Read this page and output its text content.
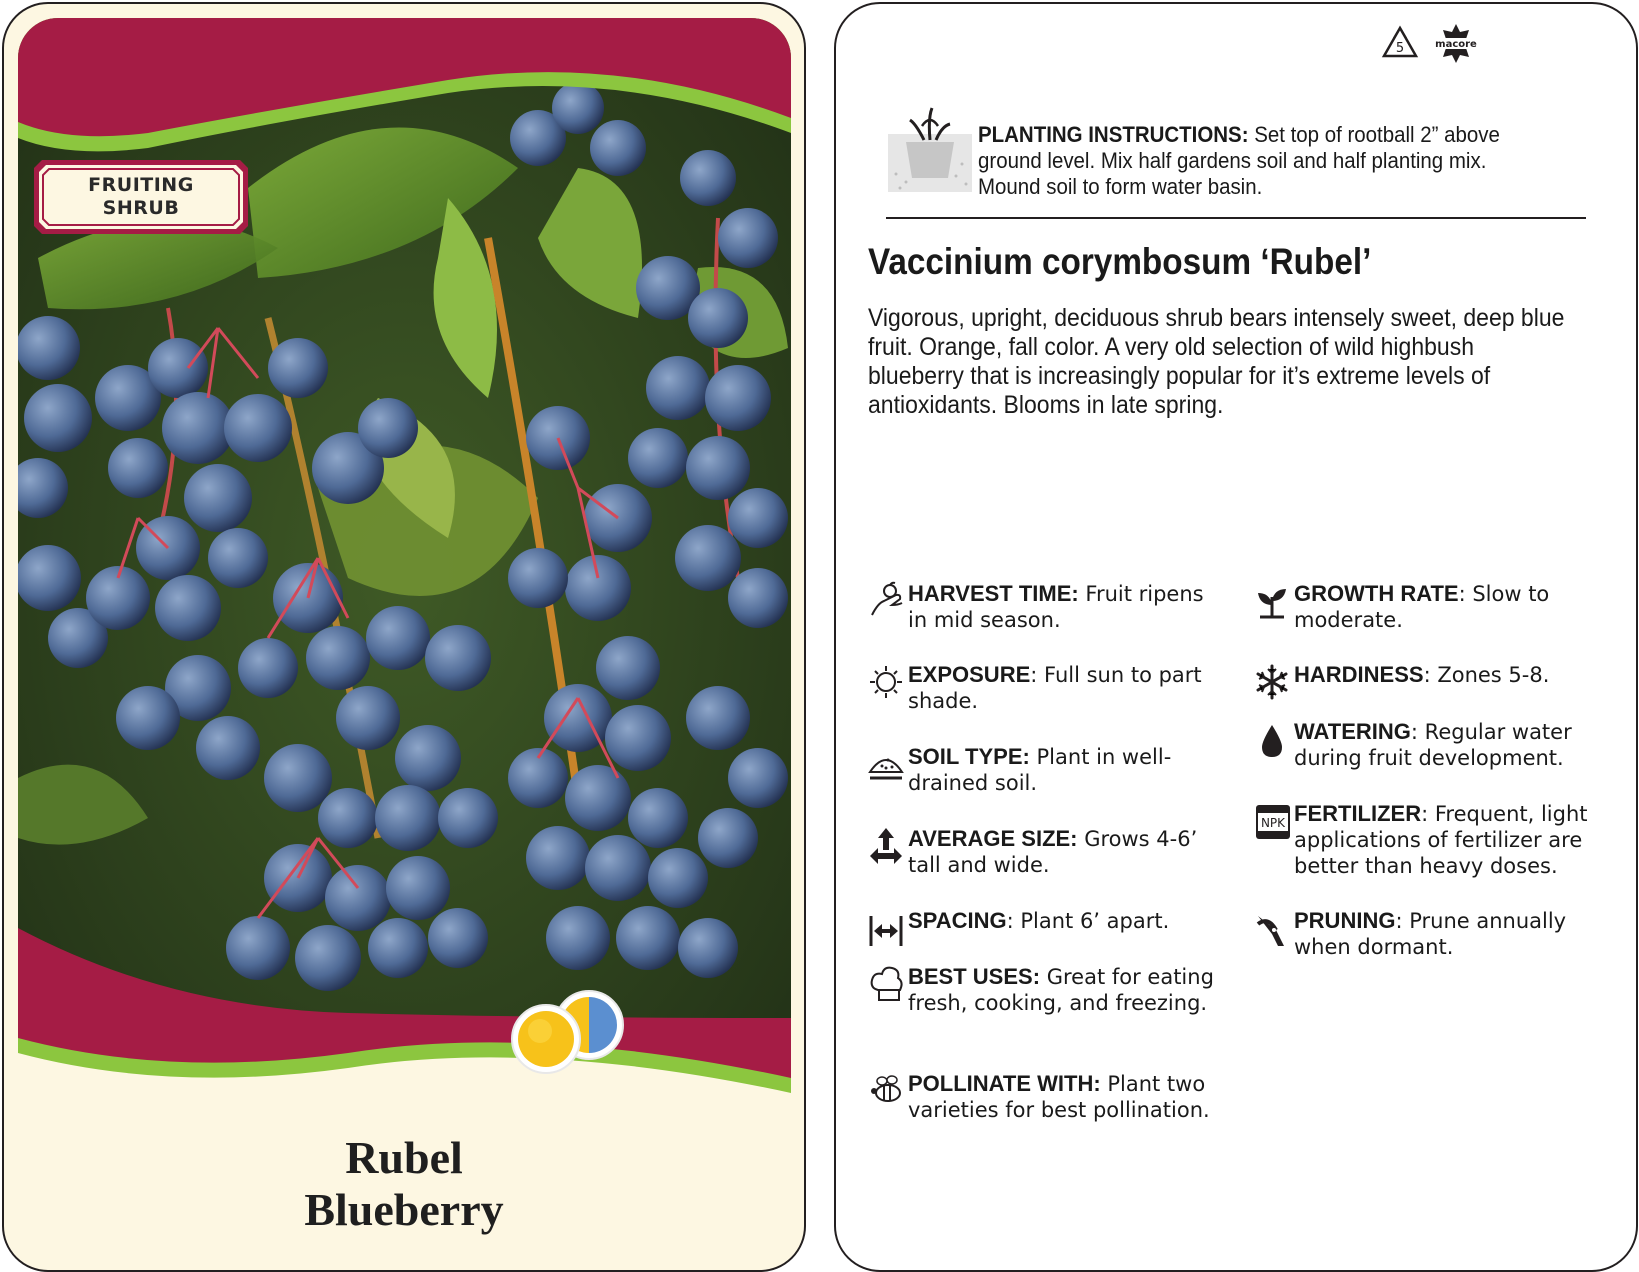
FRUITING
SHRUB
Rubel
Blueberry
5	macore
PLANTING INSTRUCTIONS: Set top of rootball 2” above ground level. Mix half gardens soil and half planting mix. Mound soil to form water basin.
Vaccinium corymbosum ‘Rubel’
Vigorous, upright, deciduous shrub bears intensely sweet, deep blue fruit. Orange, fall color. A very old selection of wild highbush blueberry that is increasingly popular for it’s extreme levels of antioxidants. Blooms in late spring.
HARVEST TIME: Fruit ripens in mid season.
EXPOSURE: Full sun to part shade.
SOIL TYPE: Plant in well-drained soil.
AVERAGE SIZE: Grows 4-6’ tall and wide.
SPACING: Plant 6’ apart.
BEST USES: Great for eating fresh, cooking, and freezing.
POLLINATE WITH: Plant two varieties for best pollination.
GROWTH RATE: Slow to moderate.
HARDINESS: Zones 5-8.
WATERING: Regular water during fruit development.
NPK FERTILIZER: Frequent, light applications of fertilizer are better than heavy doses.
PRUNING: Prune annually when dormant.
